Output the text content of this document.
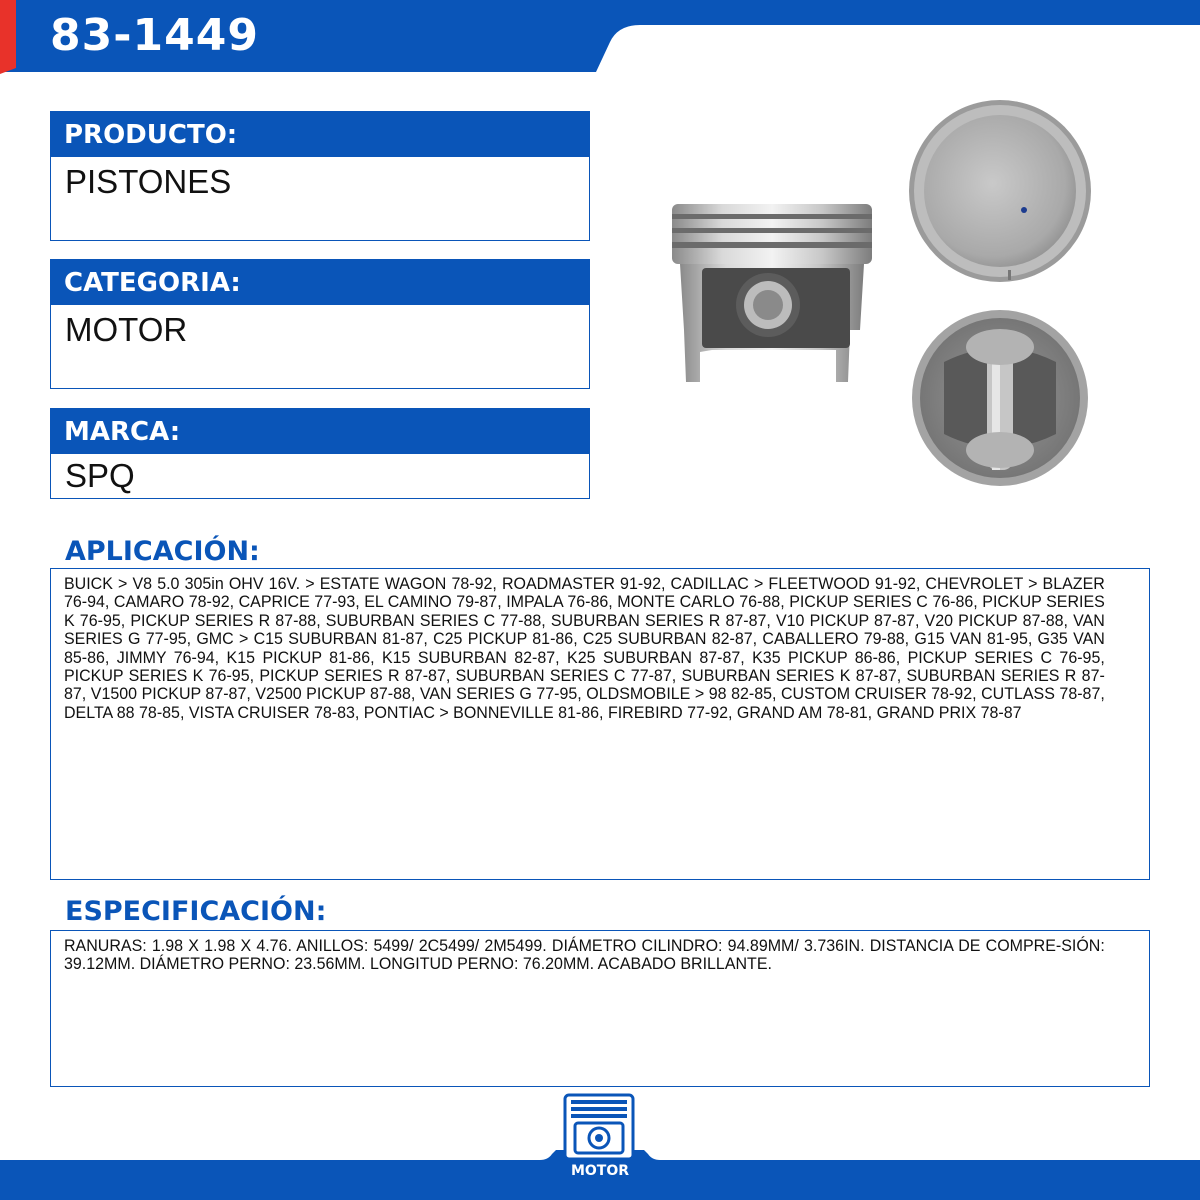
83-1449
PRODUCTO:
PISTONES
CATEGORIA:
MOTOR
MARCA:
SPQ
APLICACIÓN:
BUICK > V8 5.0 305in OHV 16V. > ESTATE WAGON 78-92, ROADMASTER 91-92, CADILLAC > FLEETWOOD 91-92, CHEVROLET > BLAZER 76-94, CAMARO 78-92, CAPRICE 77-93, EL CAMINO 79-87, IMPALA 76-86, MONTE CARLO 76-88, PICKUP SERIES C 76-86, PICKUP SERIES K 76-95, PICKUP SERIES R 87-88, SUBURBAN SERIES C 77-88, SUBURBAN SERIES R 87-87, V10 PICKUP 87-87, V20 PICKUP 87-88, VAN SERIES G 77-95, GMC > C15 SUBURBAN 81-87, C25 PICKUP 81-86, C25 SUBURBAN 82-87, CABALLERO 79-88, G15 VAN 81-95, G35 VAN 85-86, JIMMY 76-94, K15 PICKUP 81-86, K15 SUBURBAN 82-87, K25 SUBURBAN 87-87, K35 PICKUP 86-86, PICKUP SERIES C 76-95, PICKUP SERIES K 76-95, PICKUP SERIES R 87-87, SUBURBAN SERIES C 77-87, SUBURBAN SERIES K 87-87, SUBURBAN SERIES R 87-87, V1500 PICKUP 87-87, V2500 PICKUP 87-88, VAN SERIES G 77-95, OLDSMOBILE > 98 82-85, CUSTOM CRUISER 78-92, CUTLASS 78-87, DELTA 88 78-85, VISTA CRUISER 78-83, PONTIAC > BONNEVILLE 81-86, FIREBIRD 77-92, GRAND AM 78-81, GRAND PRIX 78-87
ESPECIFICACIÓN:
RANURAS: 1.98 X 1.98 X 4.76. ANILLOS: 5499/ 2C5499/ 2M5499. DIÁMETRO CILINDRO: 94.89MM/ 3.736IN. DISTANCIA DE COMPRE-SIÓN: 39.12MM. DIÁMETRO PERNO: 23.56MM. LONGITUD PERNO: 76.20MM. ACABADO BRILLANTE.
MOTOR
